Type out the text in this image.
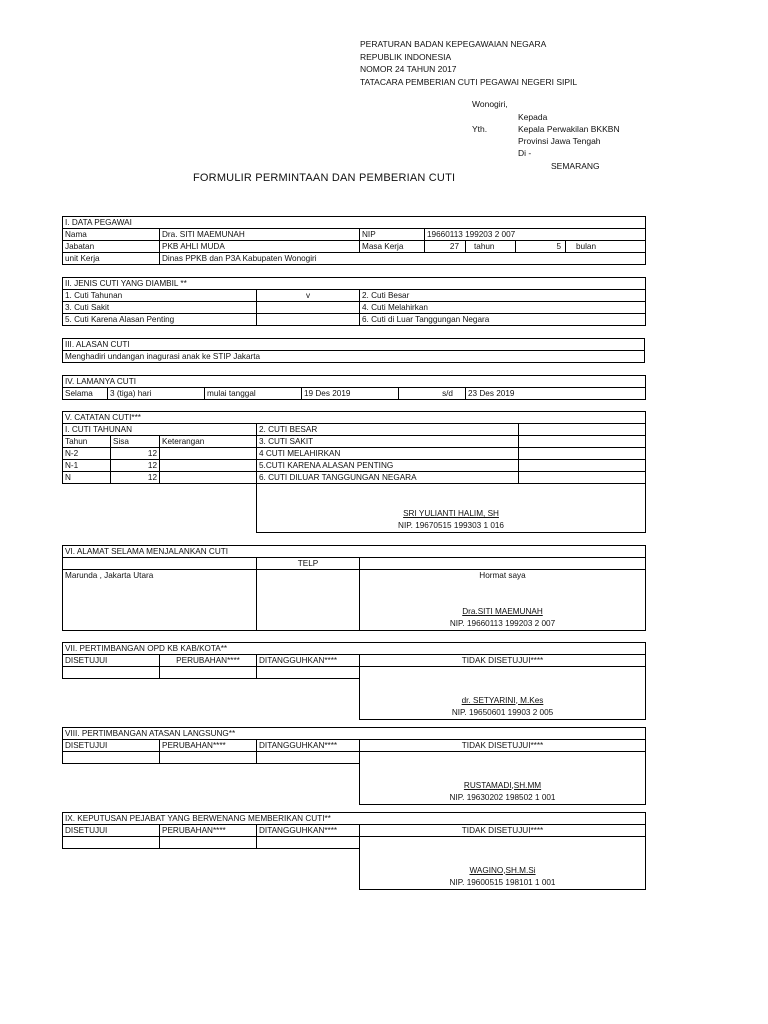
PERATURAN BADAN KEPEGAWAIAN NEGARA
REPUBLIK INDONESIA
NOMOR 24 TAHUN 2017
TATACARA PEMBERIAN CUTI PEGAWAI NEGERI SIPIL
Wonogiri,
Kepada
Yth.	Kepala Perwakilan BKKBN
Provinsi Jawa Tengah
Di -
SEMARANG
FORMULIR PERMINTAAN DAN PEMBERIAN CUTI
I. DATA PEGAWAI						
Nama	Dra. SITI MAEMUNAH	NIP	19660113 199203 2 007			
Jabatan	PKB AHLI MUDA	Masa Kerja	27	tahun	5	bulan
unit Kerja	Dinas PPKB dan P3A Kabupaten Wonogiri					
II. JENIS CUTI YANG DIAMBIL **		
1. Cuti Tahunan	v	2. Cuti Besar
3. Cuti Sakit		4. Cuti Melahirkan
5. Cuti Karena Alasan Penting		6. Cuti di Luar Tanggungan Negara
III. ALASAN CUTI
Menghadiri undangan inagurasi anak ke STIP Jakarta
IV. LAMANYA CUTI
Selama	3 (tiga) hari	mulai tanggal	19 Des 2019	s/d	23 Des 2019
V. CATATAN CUTI***				
I. CUTI TAHUNAN			2. CUTI BESAR	
Tahun	Sisa	Keterangan	3. CUTI SAKIT	
N-2	12		4 CUTI MELAHIRKAN	
N-1	12		5.CUTI KARENA ALASAN PENTING	
N	12		6. CUTI DILUAR TANGGUNGAN NEGARA	

			SRI YULIANTI HALIM, SH
NIP. 19670515 199303 1 016	
VI. ALAMAT SELAMA MENJALANKAN CUTI		
	TELP	
Marunda , Jakarta Utara		Hormat saya
Dra.SITI MAEMUNAH
NIP. 19660113 199203 2 007
VII. PERTIMBANGAN OPD KB KAB/KOTA**			
DISETUJUI	PERUBAHAN****	DITANGGUHKAN****	TIDAK DISETUJUI****

			dr. SETYARINI, M.Kes
NIP. 19650601 19903 2 005

VIII. PERTIMBANGAN ATASAN LANGSUNG**			
DISETUJUI	PERUBAHAN****	DITANGGUHKAN****	TIDAK DISETUJUI****

			RUSTAMADI,SH.MM
NIP. 19630202 198502 1 001

IX. KEPUTUSAN PEJABAT YANG BERWENANG MEMBERIKAN CUTI**			
DISETUJUI	PERUBAHAN****	DITANGGUHKAN****	TIDAK DISETUJUI****

			WAGINO,SH.M.Si
NIP. 19600515 198101 1 001
